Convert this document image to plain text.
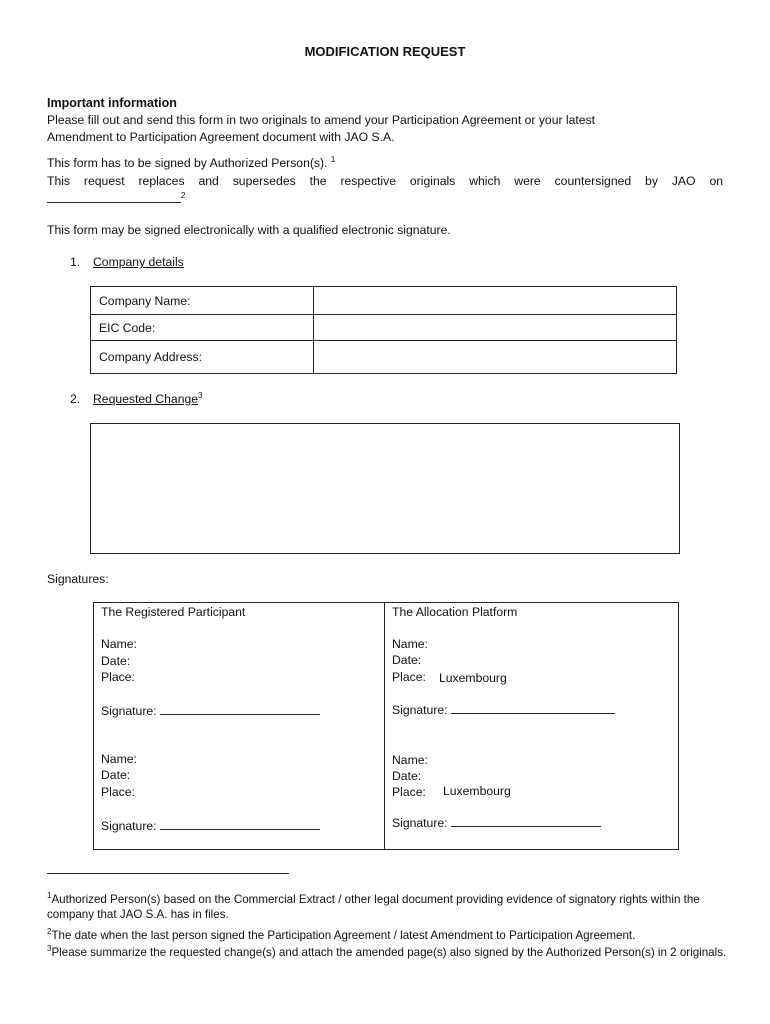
MODIFICATION REQUEST
Important information
Please fill out and send this form in two originals to amend your Participation Agreement or your latest
Amendment to Participation Agreement document with JAO S.A.
This form has to be signed by Authorized Person(s). $^1$
This request replaces and supersedes the respective originals which were countersigned by JAO on
$^2$
This form may be signed electronically with a qualified electronic signature.
1. Company details
Company Name:	
EIC Code:	
Company Address:	
2. Requested Change$^3$
Signatures:
The Registered Participant
Name:
Date:
Place:
Signature:
Name:
Date:
Place:
Signature:
The Allocation Platform
Name:
Date:
Place: Luxembourg
Signature:
Name:
Date:
Place: Luxembourg
Signature:
$^1$Authorized Person(s) based on the Commercial Extract / other legal document providing evidence of signatory rights within the company that JAO S.A. has in files.
$^2$The date when the last person signed the Participation Agreement / latest Amendment to Participation Agreement.
$^3$Please summarize the requested change(s) and attach the amended page(s) also signed by the Authorized Person(s) in 2 originals.
